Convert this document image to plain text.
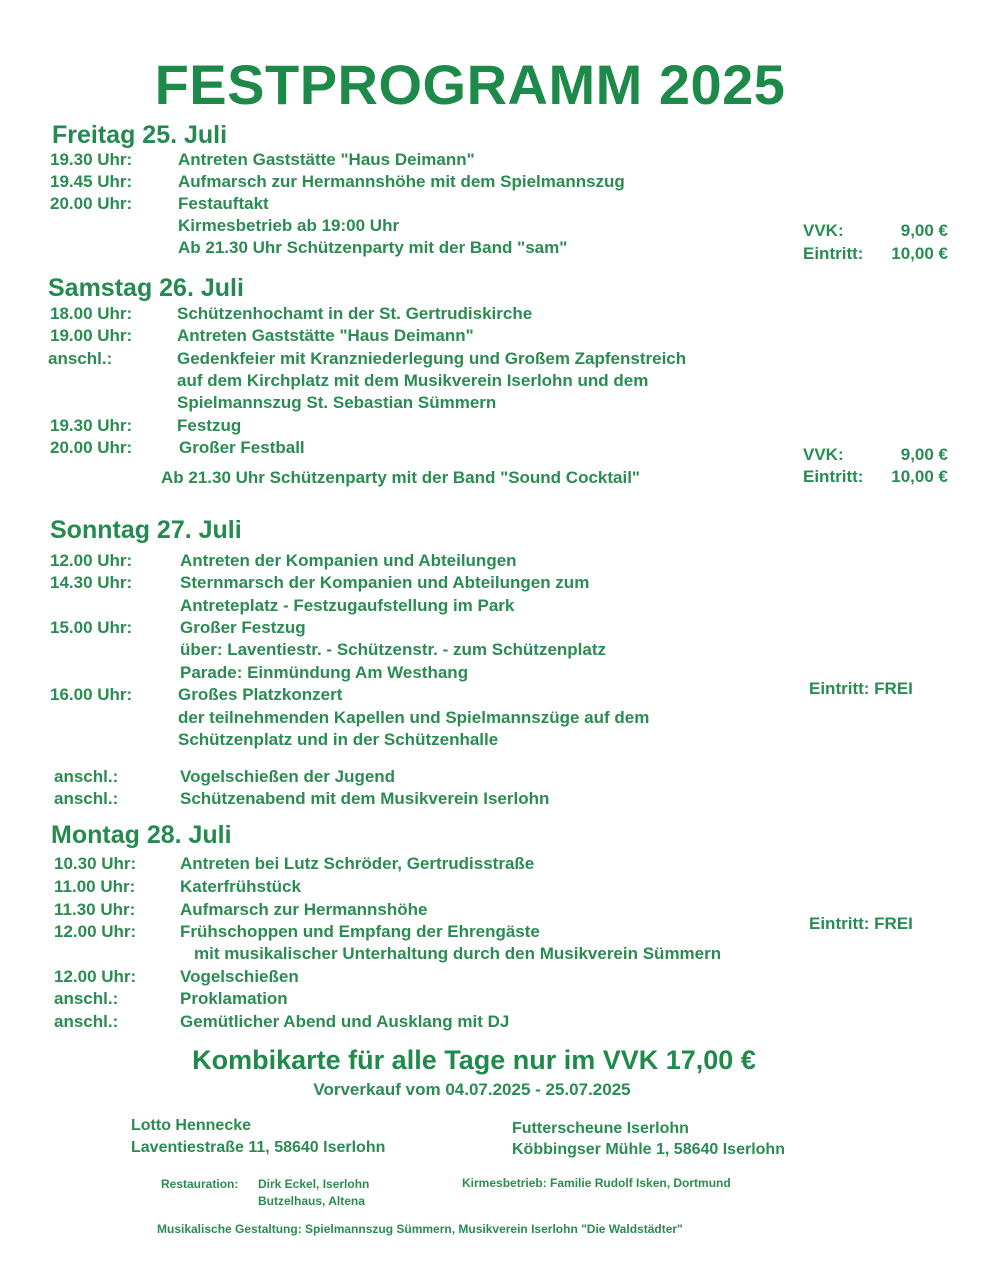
FESTPROGRAMM 2025
Freitag 25. Juli
19.30 Uhr:	Antreten Gaststätte "Haus Deimann"
19.45 Uhr:	Aufmarsch zur Hermannshöhe mit dem Spielmannszug
20.00 Uhr:	Festauftakt
Kirmesbetrieb ab 19:00 Uhr
Ab 21.30 Uhr Schützenparty mit der Band "sam"
VVK:	9,00 €
Eintritt: 10,00 €
Samstag 26. Juli
18.00 Uhr:	Schützenhochamt in der St. Gertrudiskirche
19.00 Uhr:	Antreten Gaststätte "Haus Deimann"
anschl.:	Gedenkfeier mit Kranzniederlegung und Großem Zapfenstreich
auf dem Kirchplatz mit dem Musikverein Iserlohn und dem
Spielmannszug St. Sebastian Sümmern
19.30 Uhr:	Festzug
20.00 Uhr:	Großer Festball
Ab 21.30 Uhr Schützenparty mit der Band "Sound Cocktail"
VVK:	9,00 €
Eintritt: 10,00 €
Sonntag 27. Juli
12.00 Uhr:	Antreten der Kompanien und Abteilungen
14.30 Uhr:	Sternmarsch der Kompanien und Abteilungen zum
Antreteplatz - Festzugaufstellung im Park
15.00 Uhr:	Großer Festzug
über: Laventiestr. - Schützenstr. - zum Schützenplatz
Parade: Einmündung Am Westhang
16.00 Uhr:	Großes Platzkonzert
der teilnehmenden Kapellen und Spielmannszüge auf dem
Schützenplatz und in der Schützenhalle
anschl.:	Vogelschießen der Jugend
anschl.:	Schützenabend mit dem Musikverein Iserlohn
Eintritt: FREI
Montag 28. Juli
10.30 Uhr:	Antreten bei Lutz Schröder, Gertrudisstraße
11.00 Uhr:	Katerfrühstück
11.30 Uhr:	Aufmarsch zur Hermannshöhe
12.00 Uhr:	Frühschoppen und Empfang der Ehrengäste
mit musikalischer Unterhaltung durch den Musikverein Sümmern
12.00 Uhr:	Vogelschießen
anschl.:	Proklamation
anschl.:	Gemütlicher Abend und Ausklang mit DJ
Eintritt: FREI
Kombikarte für alle Tage nur im VVK 17,00 €
Vorverkauf vom 04.07.2025 - 25.07.2025
Lotto Hennecke
Laventiestraße 11, 58640 Iserlohn
Futterscheune Iserlohn
Köbbingser Mühle 1, 58640 Iserlohn
Restauration: Dirk Eckel, Iserlohn
Butzelhaus, Altena
Kirmesbetrieb: Familie Rudolf Isken, Dortmund
Musikalische Gestaltung: Spielmannszug Sümmern, Musikverein Iserlohn "Die Waldstädter"
